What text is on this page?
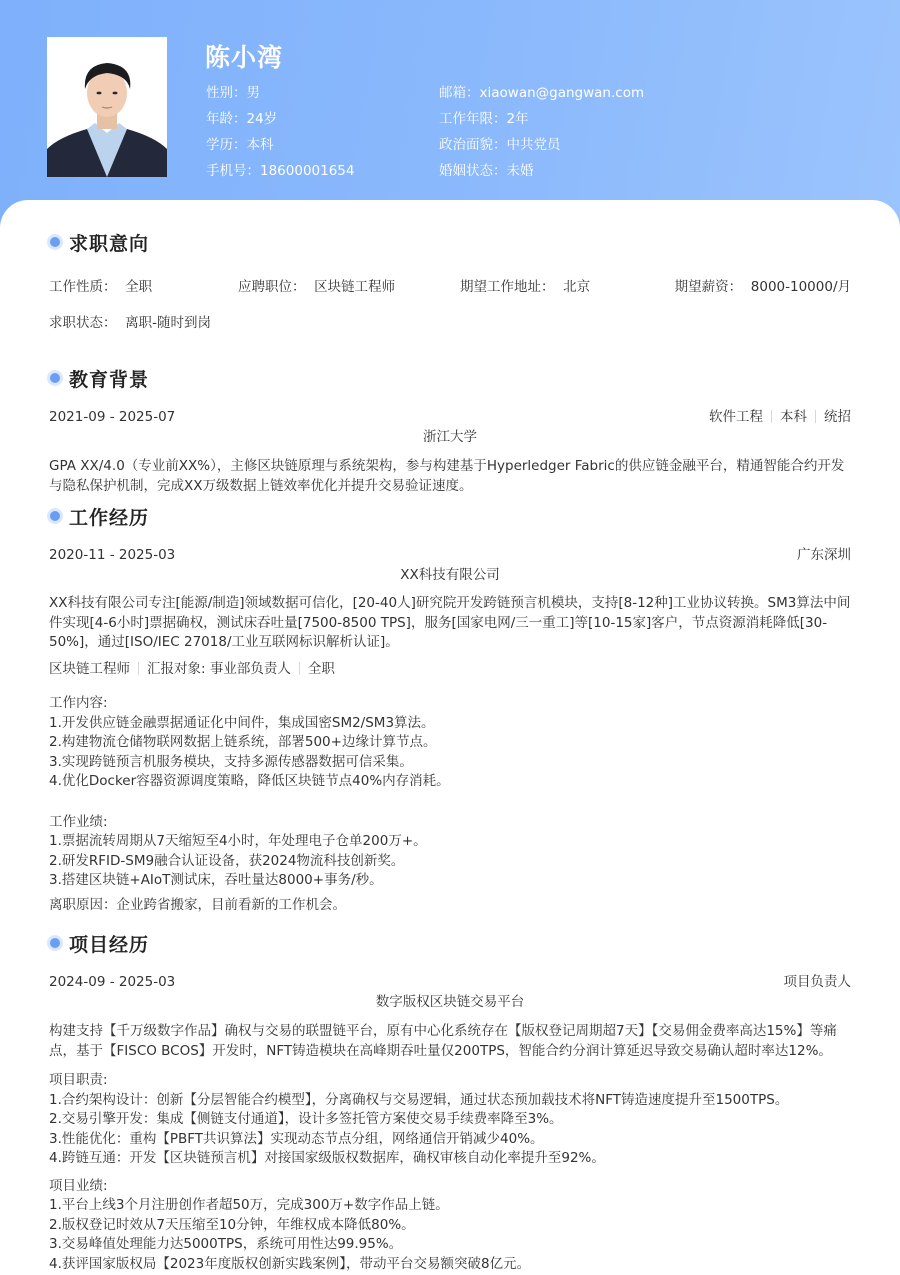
陈小湾
性别 ： 男
年龄 ： 24岁
学历 ： 本科
手机号 ： 18600001654
邮箱 ： xiaowan@gangwan.com
工作年限 ： 2年
政治面貌 ： 中共党员
婚姻状态 ： 未婚
求职意向
工作性质 ： 全职	应聘职位 ： 区块链工程师	期望工作地址 ： 北京	期望薪资 ： 8000-10000/月
求职状态 ： 离职-随时到岗
教育背景
2021-09 - 2025-07	软件工程 本科 统招
浙江大学
GPA XX/4.0（专业前XX%），主修区块链原理与系统架构，参与构建基于Hyperledger Fabric的供应链金融平台，精通智能合约开发与隐私保护机制，完成XX万级数据上链效率优化并提升交易验证速度。
工作经历
2020-11 - 2025-03	广东深圳
XX科技有限公司
XX科技有限公司专注[能源/制造]领域数据可信化，[20-40人]研究院开发跨链预言机模块，支持[8-12种]工业协议转换。SM3算法中间件实现[4-6小时]票据确权，测试床吞吐量[7500-8500 TPS]，服务[国家电网/三一重工]等[10-15家]客户，节点资源消耗降低[30-50%]，通过[ISO/IEC 27018/工业互联网标识解析认证]。
区块链工程师 汇报对象: 事业部负责人 全职
工作内容:
1.开发供应链金融票据通证化中间件，集成国密SM2/SM3算法。
2.构建物流仓储物联网数据上链系统，部署500+边缘计算节点。
3.实现跨链预言机服务模块，支持多源传感器数据可信采集。
4.优化Docker容器资源调度策略，降低区块链节点40%内存消耗。
工作业绩:
1.票据流转周期从7天缩短至4小时，年处理电子仓单200万+。
2.研发RFID-SM9融合认证设备，获2024物流科技创新奖。
3.搭建区块链+AIoT测试床，吞吐量达8000+事务/秒。
离职原因：企业跨省搬家，目前看新的工作机会。
项目经历
2024-09 - 2025-03	项目负责人
数字版权区块链交易平台
构建支持【千万级数字作品】确权与交易的联盟链平台，原有中心化系统存在【版权登记周期超7天】【交易佣金费率高达15%】等痛点，基于【FISCO BCOS】开发时，NFT铸造模块在高峰期吞吐量仅200TPS，智能合约分润计算延迟导致交易确认超时率达12%。
项目职责:
1.合约架构设计：创新【分层智能合约模型】，分离确权与交易逻辑，通过状态预加载技术将NFT铸造速度提升至1500TPS。
2.交易引擎开发：集成【侧链支付通道】，设计多签托管方案使交易手续费率降至3%。
3.性能优化：重构【PBFT共识算法】实现动态节点分组，网络通信开销减少40%。
4.跨链互通：开发【区块链预言机】对接国家级版权数据库，确权审核自动化率提升至92%。
项目业绩:
1.平台上线3个月注册创作者超50万，完成300万+数字作品上链。
2.版权登记时效从7天压缩至10分钟，年维权成本降低80%。
3.交易峰值处理能力达5000TPS，系统可用性达99.95%。
4.获评国家版权局【2023年度版权创新实践案例】，带动平台交易额突破8亿元。
